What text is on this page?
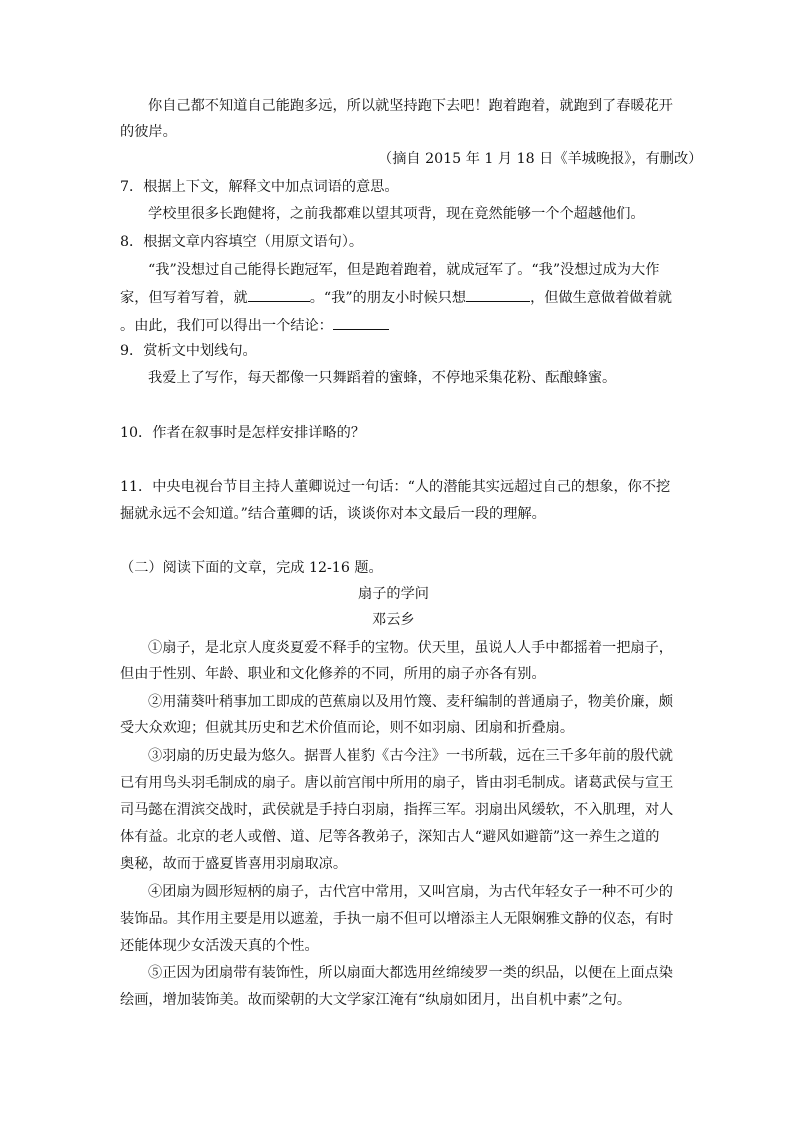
你自己都不知道自己能跑多远，所以就坚持跑下去吧！跑着跑着，就跑到了春暖花开
的彼岸。
（摘自 2015 年 1 月 18 日《羊城晚报》，有删改）
7．根据上下文，解释文中加点词语的意思。
学校里很多长跑健将，之前我都难以望其项背，现在竟然能够一个个超越他们。
8．根据文章内容填空（用原文语句）。
“我”没想过自己能得长跑冠军，但是跑着跑着，就成冠军了。“我”没想过成为大作
家，但写着写着，就	。“我”的朋友小时候只想	，但做生意做着做着就
。由此，我们可以得出一个结论：
9．赏析文中划线句。
我爱上了写作，每天都像一只舞蹈着的蜜蜂，不停地采集花粉、酝酿蜂蜜。
10．作者在叙事时是怎样安排详略的？
11．中央电视台节目主持人董卿说过一句话：“人的潜能其实远超过自己的想象，你不挖
掘就永远不会知道。”结合董卿的话，谈谈你对本文最后一段的理解。
（二）阅读下面的文章，完成 12-16 题。
扇子的学问
邓云乡
①扇子，是北京人度炎夏爱不释手的宝物。伏天里，虽说人人手中都摇着一把扇子，
但由于性别、年龄、职业和文化修养的不同，所用的扇子亦各有别。
②用蒲葵叶稍事加工即成的芭蕉扇以及用竹篾、麦秆编制的普通扇子，物美价廉，颇
受大众欢迎；但就其历史和艺术价值而论，则不如羽扇、团扇和折叠扇。
③羽扇的历史最为悠久。据晋人崔豹《古今注》一书所载，远在三千多年前的殷代就
已有用鸟头羽毛制成的扇子。唐以前宫闱中所用的扇子，皆由羽毛制成。诸葛武侯与宣王
司马懿在渭滨交战时，武侯就是手持白羽扇，指挥三军。羽扇出风缓软，不入肌理，对人
体有益。北京的老人或僧、道、尼等各教弟子，深知古人“避风如避箭”这一养生之道的
奥秘，故而于盛夏皆喜用羽扇取凉。
④团扇为圆形短柄的扇子，古代宫中常用，又叫宫扇，为古代年轻女子一种不可少的
装饰品。其作用主要是用以遮羞，手执一扇不但可以增添主人无限娴雅文静的仪态，有时
还能体现少女活泼天真的个性。
⑤正因为团扇带有装饰性，所以扇面大都选用丝绵绫罗一类的织品，以便在上面点染
绘画，增加装饰美。故而梁朝的大文学家江淹有“纨扇如团月，出自机中素”之句。
